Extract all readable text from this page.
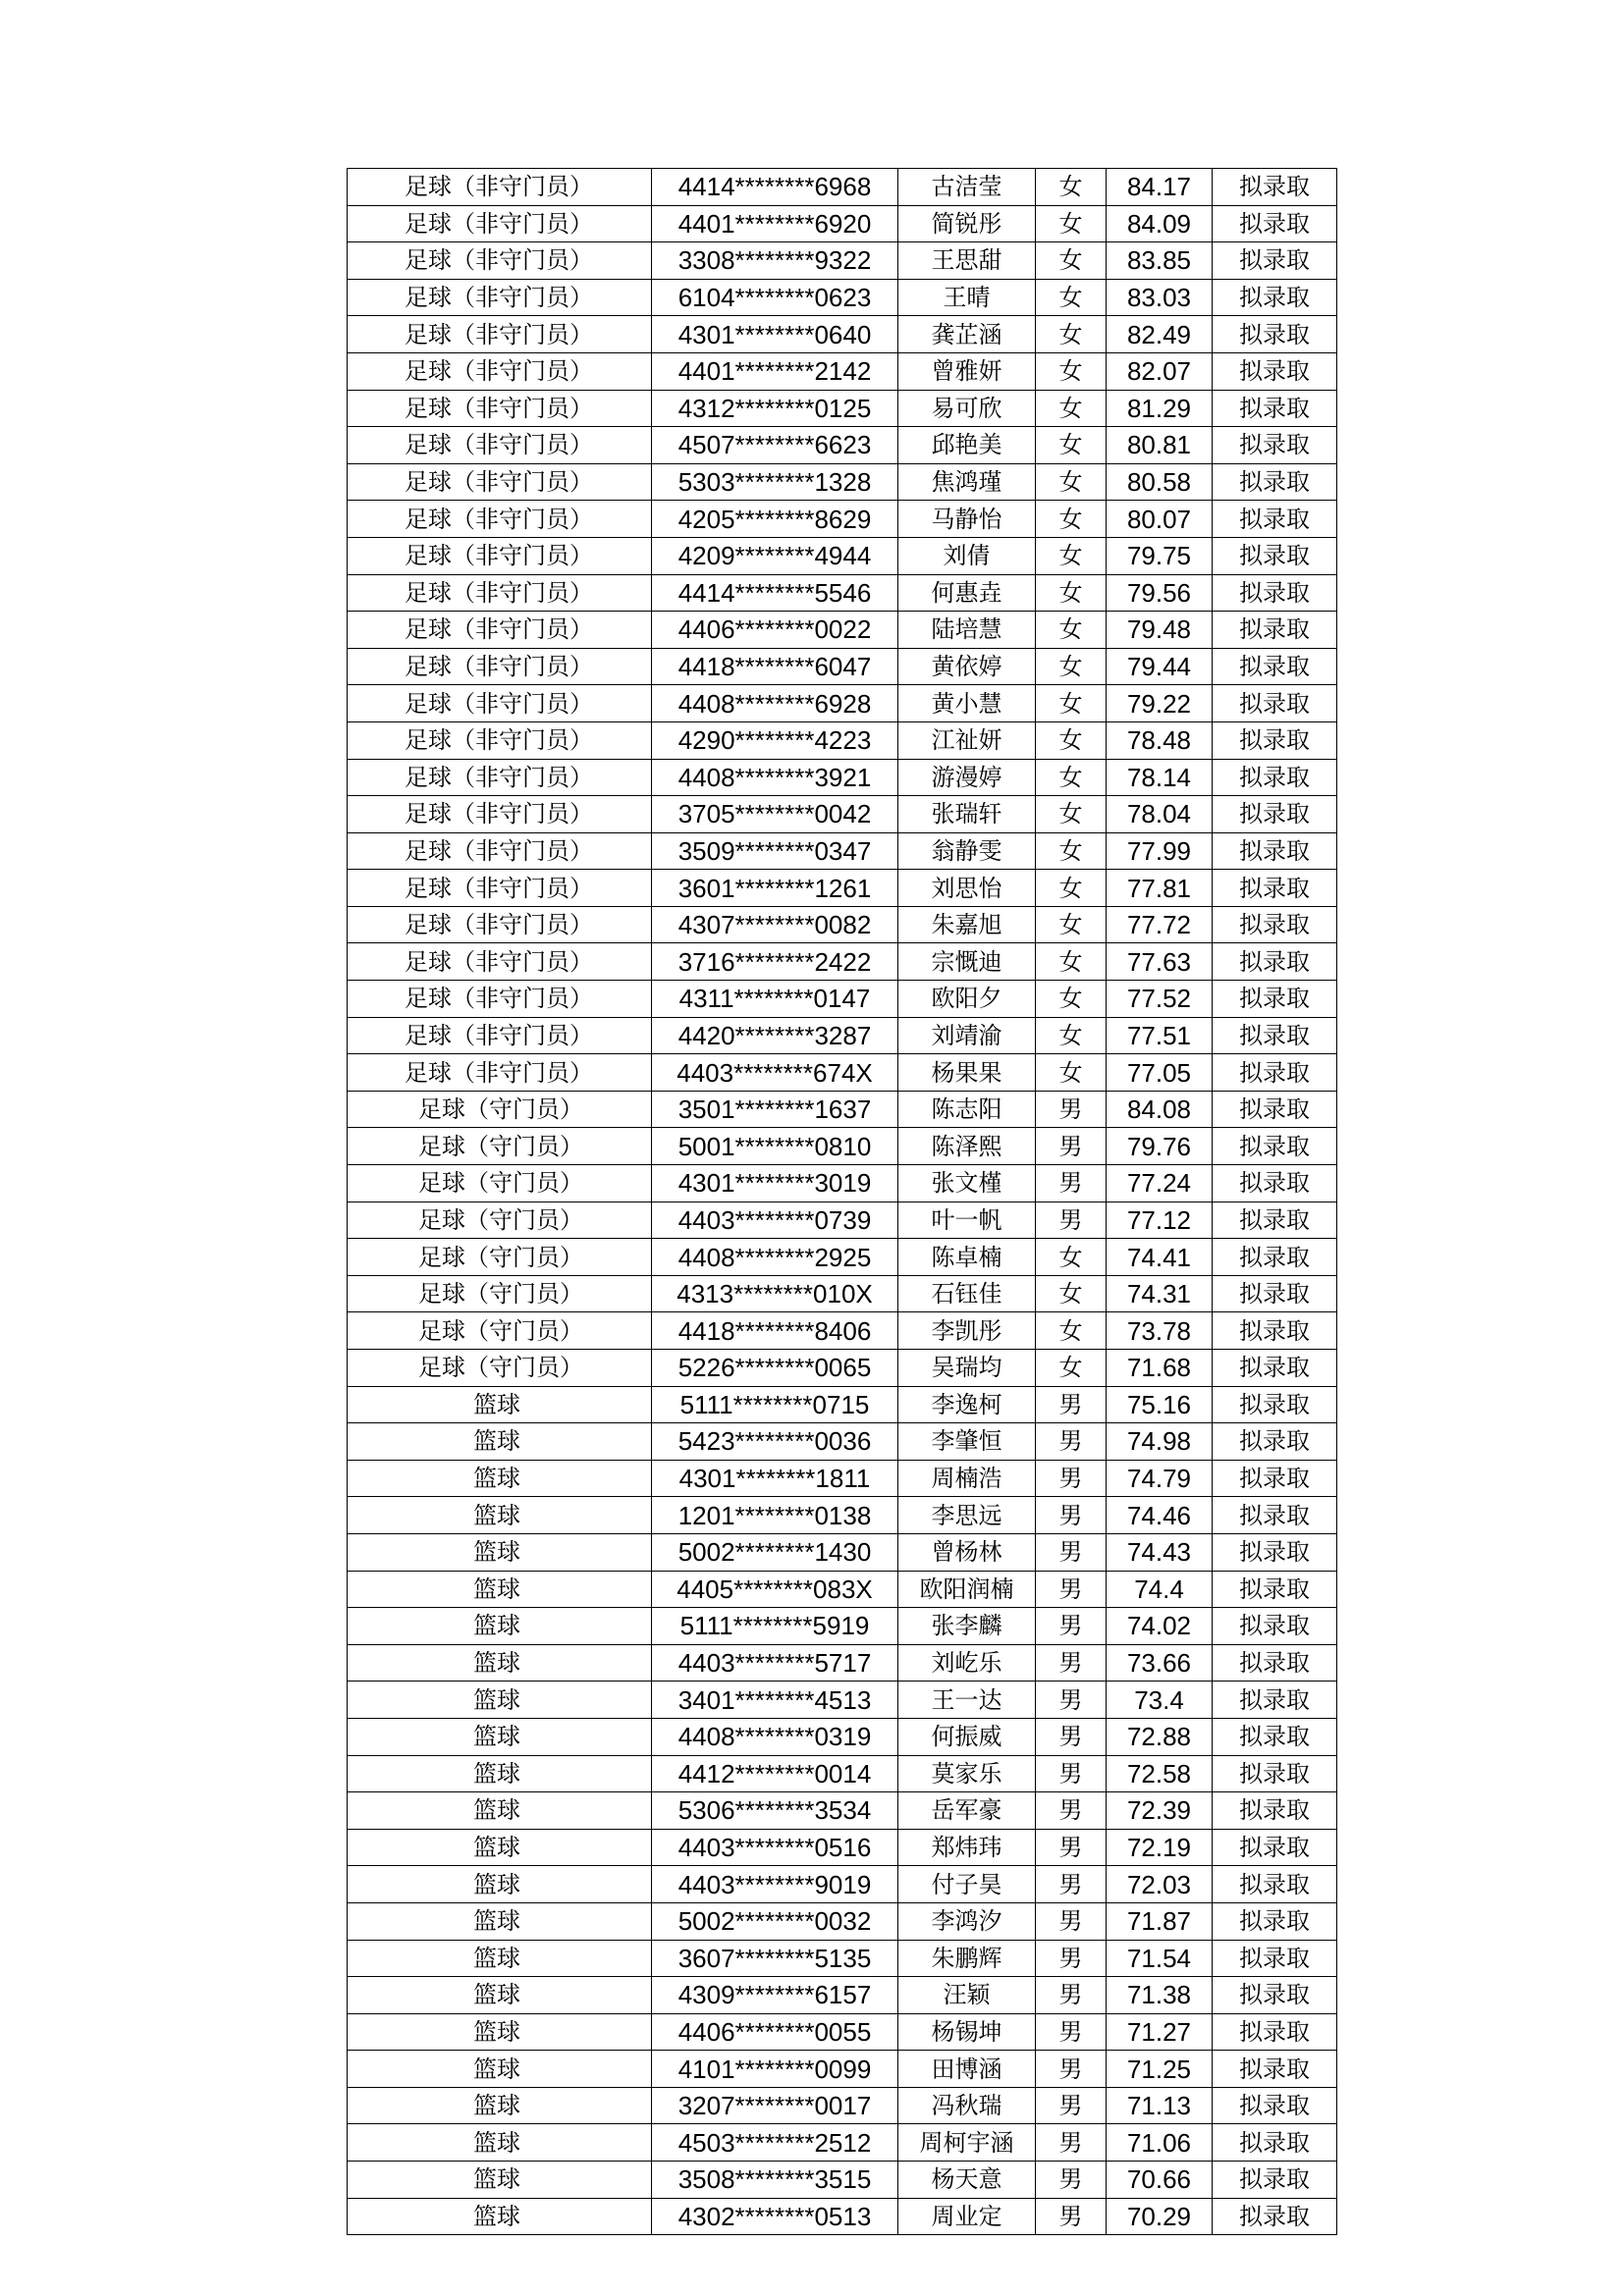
足球（非守门员）	4414********6968	古洁莹	女	84.17	拟录取
足球（非守门员）	4401********6920	简锐彤	女	84.09	拟录取
足球（非守门员）	3308********9322	王思甜	女	83.85	拟录取
足球（非守门员）	6104********0623	王晴	女	83.03	拟录取
足球（非守门员）	4301********0640	龚芷涵	女	82.49	拟录取
足球（非守门员）	4401********2142	曾雅妍	女	82.07	拟录取
足球（非守门员）	4312********0125	易可欣	女	81.29	拟录取
足球（非守门员）	4507********6623	邱艳美	女	80.81	拟录取
足球（非守门员）	5303********1328	焦鸿瑾	女	80.58	拟录取
足球（非守门员）	4205********8629	马静怡	女	80.07	拟录取
足球（非守门员）	4209********4944	刘倩	女	79.75	拟录取
足球（非守门员）	4414********5546	何惠垚	女	79.56	拟录取
足球（非守门员）	4406********0022	陆培慧	女	79.48	拟录取
足球（非守门员）	4418********6047	黄依婷	女	79.44	拟录取
足球（非守门员）	4408********6928	黄小慧	女	79.22	拟录取
足球（非守门员）	4290********4223	江祉妍	女	78.48	拟录取
足球（非守门员）	4408********3921	游漫婷	女	78.14	拟录取
足球（非守门员）	3705********0042	张瑞轩	女	78.04	拟录取
足球（非守门员）	3509********0347	翁静雯	女	77.99	拟录取
足球（非守门员）	3601********1261	刘思怡	女	77.81	拟录取
足球（非守门员）	4307********0082	朱嘉旭	女	77.72	拟录取
足球（非守门员）	3716********2422	宗慨迪	女	77.63	拟录取
足球（非守门员）	4311********0147	欧阳夕	女	77.52	拟录取
足球（非守门员）	4420********3287	刘靖渝	女	77.51	拟录取
足球（非守门员）	4403********674X	杨果果	女	77.05	拟录取
足球（守门员）	3501********1637	陈志阳	男	84.08	拟录取
足球（守门员）	5001********0810	陈泽熙	男	79.76	拟录取
足球（守门员）	4301********3019	张文槿	男	77.24	拟录取
足球（守门员）	4403********0739	叶一帆	男	77.12	拟录取
足球（守门员）	4408********2925	陈卓楠	女	74.41	拟录取
足球（守门员）	4313********010X	石钰佳	女	74.31	拟录取
足球（守门员）	4418********8406	李凯彤	女	73.78	拟录取
足球（守门员）	5226********0065	吴瑞均	女	71.68	拟录取
篮球	5111********0715	李逸柯	男	75.16	拟录取
篮球	5423********0036	李肇恒	男	74.98	拟录取
篮球	4301********1811	周楠浩	男	74.79	拟录取
篮球	1201********0138	李思远	男	74.46	拟录取
篮球	5002********1430	曾杨林	男	74.43	拟录取
篮球	4405********083X	欧阳润楠	男	74.4	拟录取
篮球	5111********5919	张李麟	男	74.02	拟录取
篮球	4403********5717	刘屹乐	男	73.66	拟录取
篮球	3401********4513	王一达	男	73.4	拟录取
篮球	4408********0319	何振威	男	72.88	拟录取
篮球	4412********0014	莫家乐	男	72.58	拟录取
篮球	5306********3534	岳军豪	男	72.39	拟录取
篮球	4403********0516	郑炜玮	男	72.19	拟录取
篮球	4403********9019	付子昊	男	72.03	拟录取
篮球	5002********0032	李鸿汐	男	71.87	拟录取
篮球	3607********5135	朱鹏辉	男	71.54	拟录取
篮球	4309********6157	汪颖	男	71.38	拟录取
篮球	4406********0055	杨锡坤	男	71.27	拟录取
篮球	4101********0099	田博涵	男	71.25	拟录取
篮球	3207********0017	冯秋瑞	男	71.13	拟录取
篮球	4503********2512	周柯宇涵	男	71.06	拟录取
篮球	3508********3515	杨天意	男	70.66	拟录取
篮球	4302********0513	周业定	男	70.29	拟录取
